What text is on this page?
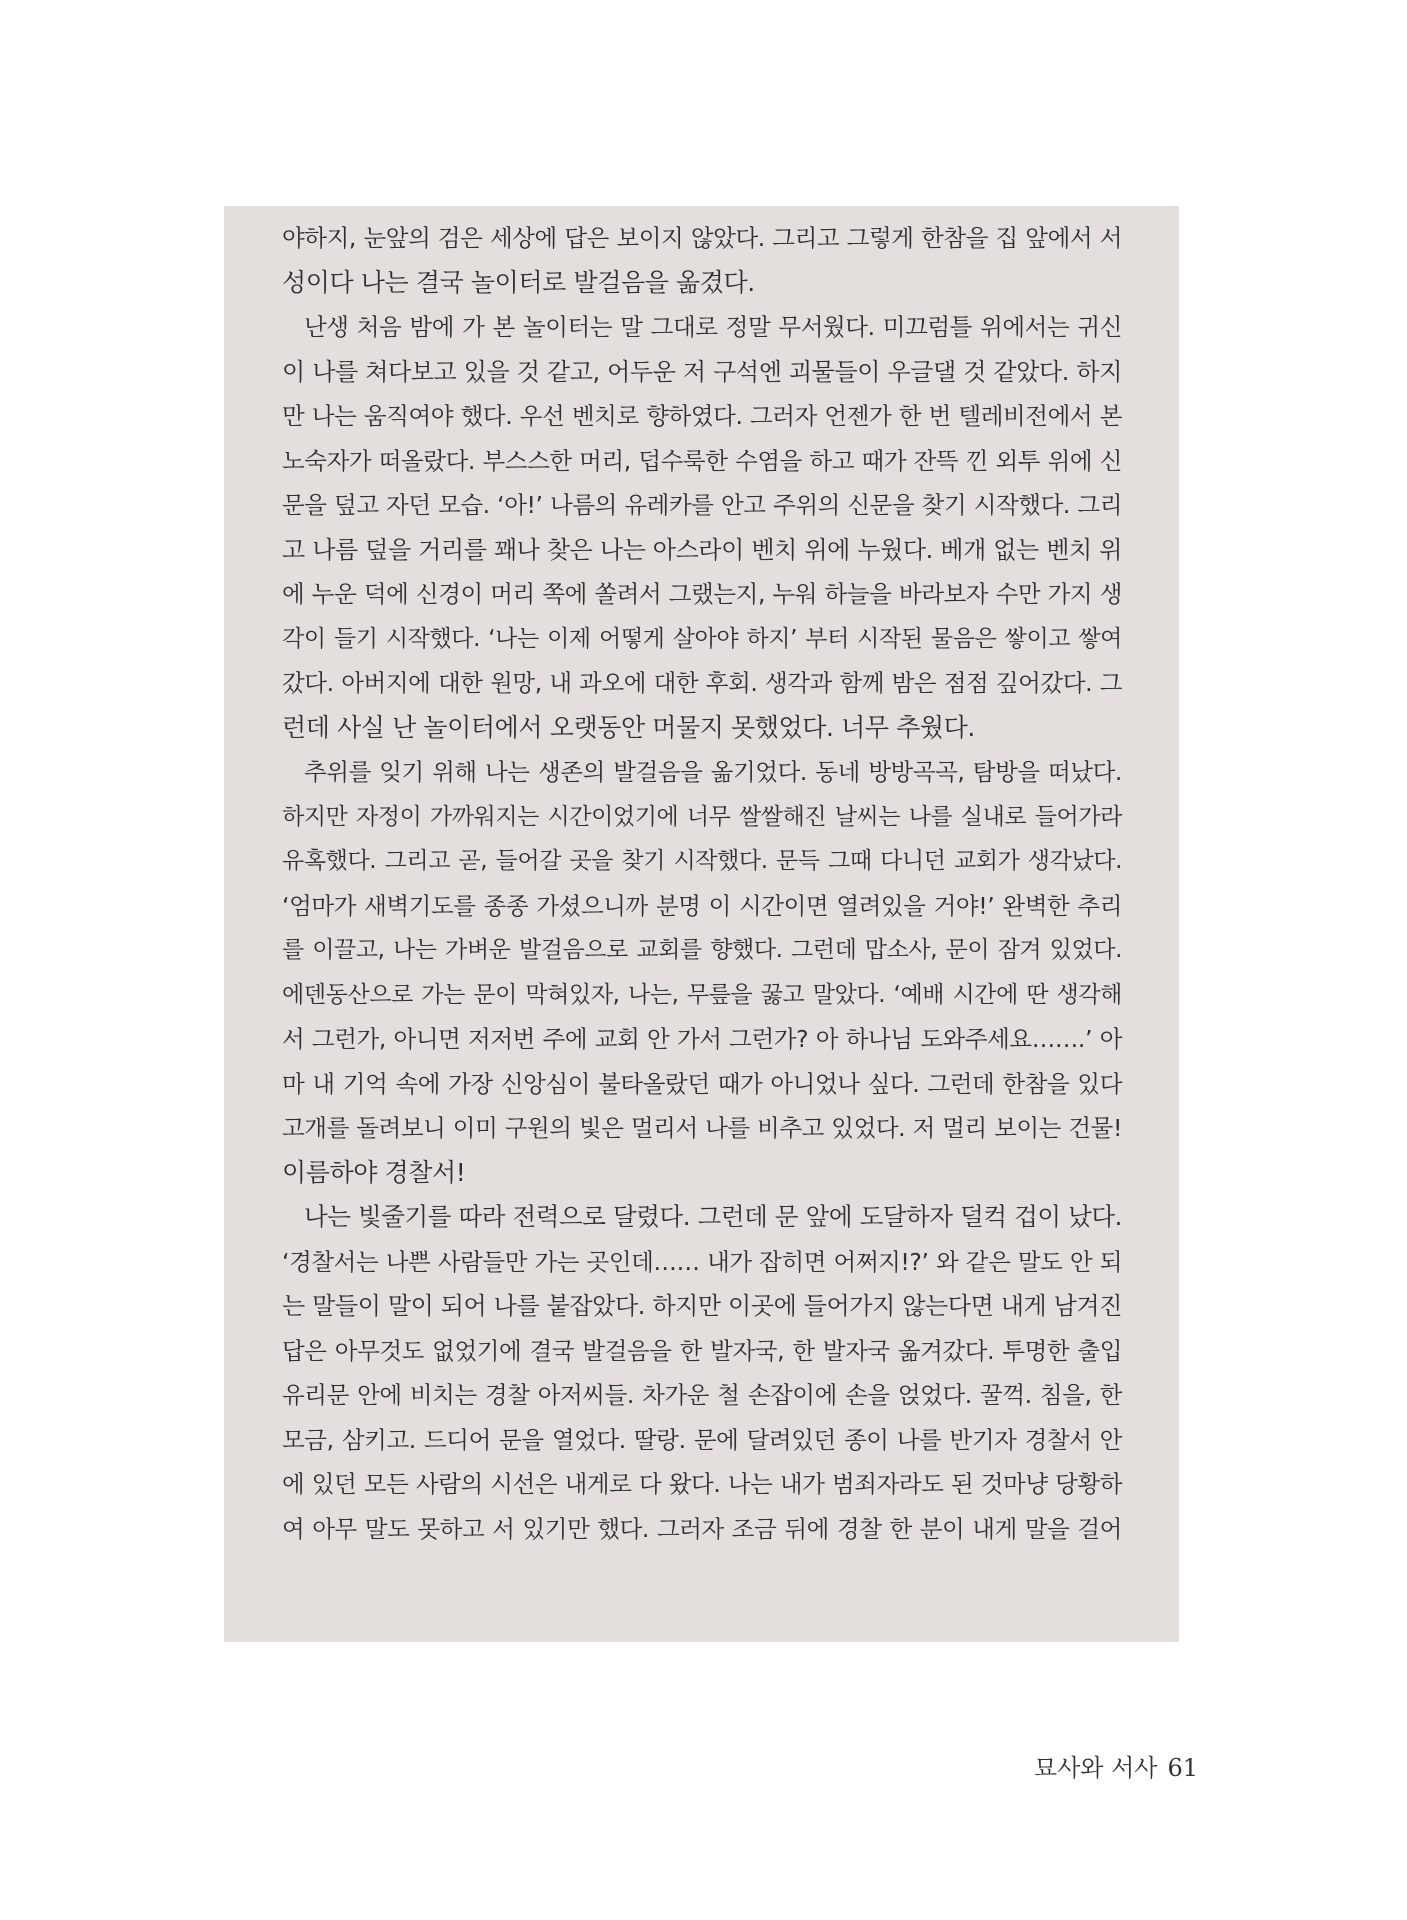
야하지, 눈앞의 검은 세상에 답은 보이지 않았다. 그리고 그렇게 한참을 집 앞에서 서
성이다 나는 결국 놀이터로 발걸음을 옮겼다.
난생 처음 밤에 가 본 놀이터는 말 그대로 정말 무서웠다. 미끄럼틀 위에서는 귀신
이 나를 쳐다보고 있을 것 같고, 어두운 저 구석엔 괴물들이 우글댈 것 같았다. 하지
만 나는 움직여야 했다. 우선 벤치로 향하였다. 그러자 언젠가 한 번 텔레비전에서 본
노숙자가 떠올랐다. 부스스한 머리, 덥수룩한 수염을 하고 때가 잔뜩 낀 외투 위에 신
문을 덮고 자던 모습. ‘아!’ 나름의 유레카를 안고 주위의 신문을 찾기 시작했다. 그리
고 나름 덮을 거리를 꽤나 찾은 나는 아스라이 벤치 위에 누웠다. 베개 없는 벤치 위
에 누운 덕에 신경이 머리 쪽에 쏠려서 그랬는지, 누워 하늘을 바라보자 수만 가지 생
각이 들기 시작했다. ‘나는 이제 어떻게 살아야 하지’ 부터 시작된 물음은 쌓이고 쌓여
갔다. 아버지에 대한 원망, 내 과오에 대한 후회. 생각과 함께 밤은 점점 깊어갔다. 그
런데 사실 난 놀이터에서 오랫동안 머물지 못했었다. 너무 추웠다.
추위를 잊기 위해 나는 생존의 발걸음을 옮기었다. 동네 방방곡곡, 탐방을 떠났다.
하지만 자정이 가까워지는 시간이었기에 너무 쌀쌀해진 날씨는 나를 실내로 들어가라
유혹했다. 그리고 곧, 들어갈 곳을 찾기 시작했다. 문득 그때 다니던 교회가 생각났다.
‘엄마가 새벽기도를 종종 가셨으니까 분명 이 시간이면 열려있을 거야!’ 완벽한 추리
를 이끌고, 나는 가벼운 발걸음으로 교회를 향했다. 그런데 맙소사, 문이 잠겨 있었다.
에덴동산으로 가는 문이 막혀있자, 나는, 무릎을 꿇고 말았다. ‘예배 시간에 딴 생각해
서 그런가, 아니면 저저번 주에 교회 안 가서 그런가? 아 하나님 도와주세요…….’ 아
마 내 기억 속에 가장 신앙심이 불타올랐던 때가 아니었나 싶다. 그런데 한참을 있다
고개를 돌려보니 이미 구원의 빛은 멀리서 나를 비추고 있었다. 저 멀리 보이는 건물!
이름하야 경찰서!
나는 빛줄기를 따라 전력으로 달렸다. 그런데 문 앞에 도달하자 덜컥 겁이 났다.
‘경찰서는 나쁜 사람들만 가는 곳인데…… 내가 잡히면 어쩌지!?’ 와 같은 말도 안 되
는 말들이 말이 되어 나를 붙잡았다. 하지만 이곳에 들어가지 않는다면 내게 남겨진
답은 아무것도 없었기에 결국 발걸음을 한 발자국, 한 발자국 옮겨갔다. 투명한 출입
유리문 안에 비치는 경찰 아저씨들. 차가운 철 손잡이에 손을 얹었다. 꿀꺽. 침을, 한
모금, 삼키고. 드디어 문을 열었다. 딸랑. 문에 달려있던 종이 나를 반기자 경찰서 안
에 있던 모든 사람의 시선은 내게로 다 왔다. 나는 내가 범죄자라도 된 것마냥 당황하
여 아무 말도 못하고 서 있기만 했다. 그러자 조금 뒤에 경찰 한 분이 내게 말을 걸어
묘사와 서사 61
